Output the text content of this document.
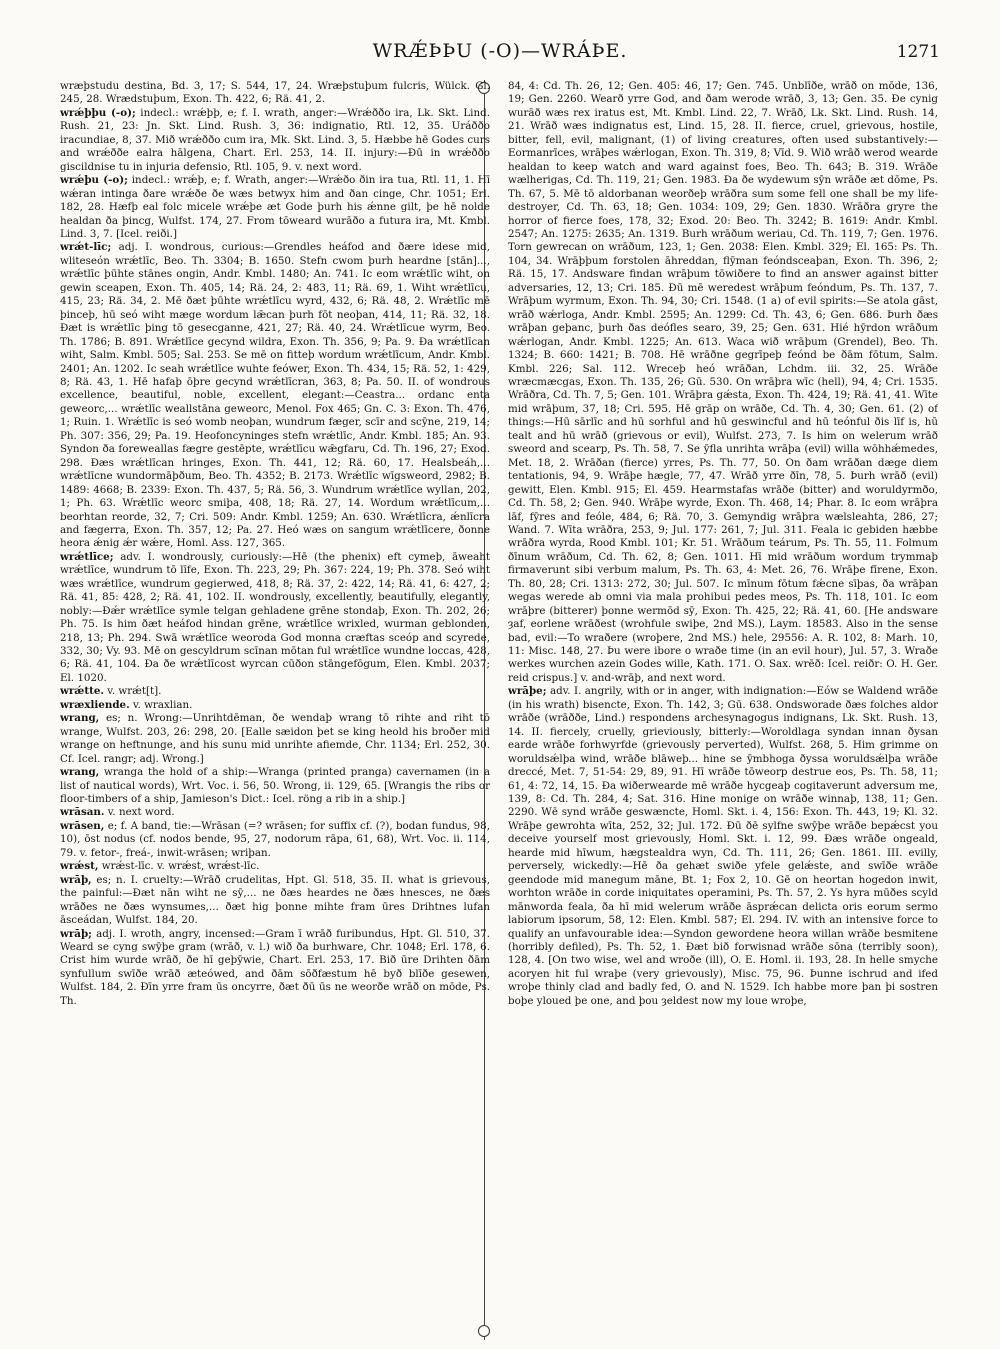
WRǼÞÞU (-O)—WRÁÞE.	1271

wræþstudu destina, Bd. 3, 17; S. 544, 17, 24. Wræþstuþum fulcris, Wülck. Gl. 245, 28. Wrædstuþum, Exon. Th. 422, 6; Rä. 41, 2.

wrǽþþu (-o); indecl.: wrǽþþ, e; f. I. wrath, anger:—Wrǽððo ira, Lk. Skt. Lind. Rush. 21, 23: Jn. Skt. Lind. Rush. 3, 36: indignatio, Rtl. 12, 35. Uráððo iracundiae, 8, 37. Mið wrǽððo cum ira, Mk. Skt. Lind. 3, 5. Hæbbe hē Godes curs and wrǽððe ealra hālgena, Chart. Erl. 253, 14. II. injury:—Ðū in wrǽððo giscildnise tu in injuria defensio, Rtl. 105, 9. v. next word.

wrǽþu (-o); indecl.: wrǽþ, e; f. Wrath, anger:—Wrǽðo ðin ira tua, Rtl. 11, 1. Hī wǽran intinga ðare wrǽðe ðe wæs betwyx him and ðan cinge, Chr. 1051; Erl. 182, 28. Hæfþ eal folc micele wrǽþe æt Gode þurh his ǽnne gilt, þe hē nolde healdan ða þincg, Wulfst. 174, 27. From tōweard wurāðo a futura ira, Mt. Kmbl. Lind. 3, 7. [Icel. reiði.]

wrǽt-līc; adj. I. wondrous, curious:—Grendles heáfod and ðære idese mid, wliteseón wrǽtlīc, Beo. Th. 3304; B. 1650. Stefn cwom þurh heardne [stān]..., wrǽtlīc þūhte stānes ongin, Andr. Kmbl. 1480; An. 741. Ic eom wrǽtlīc wiht, on gewin sceapen, Exon. Th. 405, 14; Rä. 24, 2: 483, 11; Rä. 69, 1. Wiht wrǽtlīcu, 415, 23; Rä. 34, 2. Mē ðæt þūhte wrǽtlīcu wyrd, 432, 6; Rä. 48, 2. Wrǽtlīc mē þinceþ, hū seó wiht mæge wordum lǣcan þurh fōt neoþan, 414, 11; Rä. 32, 18. Ðæt is wrǽtlīc þing tō gesecganne, 421, 27; Rä. 40, 24. Wrǽtlīcue wyrm, Beo. Th. 1786; B. 891. Wrǽtlīce gecynd wildra, Exon. Th. 356, 9; Pa. 9. Ða wrǽtlīcan wiht, Salm. Kmbl. 505; Sal. 253. Se mē on fitteþ wordum wrǽtlīcum, Andr. Kmbl. 2401; An. 1202. Ic seah wrǽtlīce wuhte feówer, Exon. Th. 434, 15; Rä. 52, 1: 429, 8; Rä. 43, 1. Hē hafaþ ōþre gecynd wrǽtlīcran, 363, 8; Pa. 50. II. of wondrous excellence, beautiful, noble, excellent, elegant:—Ceastra... ordanc enta geweorc,... wrǽtlīc weallstāna geweorc, Menol. Fox 465; Gn. C. 3: Exon. Th. 476, 1; Ruin. 1. Wrǽtlīc is seó womb neoþan, wundrum fæger, scīr and scȳne, 219, 14; Ph. 307: 356, 29; Pa. 19. Heofoncyninges stefn wrǽtlīc, Andr. Kmbl. 185; An. 93. Syndon ða foreweallas fægre gestēpte, wrǽtlīcu wǣgfaru, Cd. Th. 196, 27; Exod. 298. Ðæs wrǽtlīcan hringes, Exon. Th. 441, 12; Rä. 60, 17. Healsbeáh,... wrǽtlīcne wundormāþðum, Beo. Th. 4352; B. 2173. Wrǽtlīc wīgsweord, 2982; B. 1489: 4668; B. 2339: Exon. Th. 437, 5; Rä. 56, 3. Wundrum wrǽtlīce wyllan, 202, 1; Ph. 63. Wrǽtlīc weorc smiþa, 408, 18; Rä. 27, 14. Wordum wrǽtlīcum,... beorhtan reorde, 32, 7; Cri. 509: Andr. Kmbl. 1259; An. 630. Wrǽtlīcra, ǽnlīcra and fægerra, Exon. Th. 357, 12; Pa. 27. Heó wæs on sangum wrǽtlīcere, ðonne heora ǽnig ǽr wǽre, Homl. Ass. 127, 365.

wrǽtlīce; adv. I. wondrously, curiously:—Hē (the phenix) eft cymeþ, āweaht wrǽtlīce, wundrum tō līfe, Exon. Th. 223, 29; Ph. 367: 224, 19; Ph. 378. Seó wiht wæs wrǽtlīce, wundrum gegierwed, 418, 8; Rä. 37, 2: 422, 14; Rä. 41, 6: 427, 2; Rä. 41, 85: 428, 2; Rä. 41, 102. II. wondrously, excellently, beautifully, elegantly, nobly:—Ðǽr wrǽtlīce symle telgan gehladene grēne stondaþ, Exon. Th. 202, 26; Ph. 75. Is him ðæt heáfod hindan grēne, wrǽtlīce wrixled, wurman geblonden, 218, 13; Ph. 294. Swā wrǽtlīce weoroda God monna cræftas sceóp and scyrede, 332, 30; Vy. 93. Mē on gescyldrum scīnan mōtan ful wrǽtlīce wundne loccas, 428, 6; Rä. 41, 104. Ða ðe wrǽtlīcost wyrcan cūðon stāngefōgum, Elen. Kmbl. 2037; El. 1020.

wrǽtte. v. wrǽt[t].

wræxliende. v. wraxlian.

wrang, es; n. Wrong:—Unrihtdēman, ðe wendaþ wrang tō rihte and riht tō wrange, Wulfst. 203, 26: 298, 20. [Ealle sæidon þet se king heold his broðer mid wrange on heftnunge, and his sunu mid unrihte afiemde, Chr. 1134; Erl. 252, 30. Cf. Icel. rangr; adj. Wrong.]

wrang, wranga the hold of a ship:—Wranga (printed pranga) cavernamen (in a list of nautical words), Wrt. Voc. i. 56, 50. Wrong, ii. 129, 65. [Wrangis the ribs or floor-timbers of a ship, Jamieson's Dict.: Icel. röng a rib in a ship.]

wrāsan. v. next word.

wrāsen, e; f. A band, tie:—Wrāsan (=? wrāsen; for suffix cf. (?), bodan fundus, 98, 10), ōst nodus (cf. nodos bende, 95, 27, nodorum rāpa, 61, 68), Wrt. Voc. ii. 114, 79. v. fetor-, freá-, inwit-wrāsen; wriþan.

wrǽst, wrǽst-līc. v. wrǽst, wrǽst-līc.

wrāþ, es; n. I. cruelty:—Wrāð crudelitas, Hpt. Gl. 518, 35. II. what is grievous, the painful:—Ðæt nān wiht ne sȳ,... ne ðæs heardes ne ðæs hnesces, ne ðæs wrāðes ne ðæs wynsumes,... ðæt hig þonne mihte fram ūres Drihtnes lufan āsceádan, Wulfst. 184, 20.

wrāþ; adj. I. wroth, angry, incensed:—Gram ī wrāð furibundus, Hpt. Gl. 510, 37. Weard se cyng swȳþe gram (wrāð, v. l.) wið ða burhware, Chr. 1048; Erl. 178, 6. Crist him wurde wrāð, ðe hī geþȳwie, Chart. Erl. 253, 17. Bið ūre Drihten ðām synfullum swīðe wrāð æteówed, and ðām sōðfæstum hē byð blīðe gesewen, Wulfst. 184, 2. Ðīn yrre fram ūs oncyrre, ðæt ðū ūs ne weorðe wrāð on mōde, Ps. Th.

84, 4: Cd. Th. 26, 12; Gen. 405: 46, 17; Gen. 745. Unblīðe, wrāð on mōde, 136, 19; Gen. 2260. Wearð yrre God, and ðam werode wrāð, 3, 13; Gen. 35. Ðe cynig wurāð wæs rex iratus est, Mt. Kmbl. Lind. 22, 7. Wrāð, Lk. Skt. Lind. Rush. 14, 21. Wrāð wæs indignatus est, Lind. 15, 28. II. fierce, cruel, grievous, hostile, bitter, fell, evil, malignant, (1) of living creatures, often used substantively:—Eormanrīces, wrāþes wǽrlogan, Exon. Th. 319, 8; Vīd. 9. Wið wrāð werod wearde healdan to keep watch and ward against foes, Beo. Th. 643; B. 319. Wrāðe wælherigas, Cd. Th. 119, 21; Gen. 1983. Ða ðe wydewum sȳn wrāðe æt dōme, Ps. Th. 67, 5. Mē tō aldorbanan weorðeþ wrāðra sum some fell one shall be my life-destroyer, Cd. Th. 63, 18; Gen. 1034: 109, 29; Gen. 1830. Wrāðra gryre the horror of fierce foes, 178, 32; Exod. 20: Beo. Th. 3242; B. 1619: Andr. Kmbl. 2547; An. 1275: 2635; An. 1319. Burh wrāðum weriau, Cd. Th. 119, 7; Gen. 1976. Torn gewrecan on wrāðum, 123, 1; Gen. 2038: Elen. Kmbl. 329; El. 165: Ps. Th. 104, 34. Wrāþþum forstolen āhreddan, flȳman feóndsceaþan, Exon. Th. 396, 2; Rä. 15, 17. Andsware findan wrāþum tōwiðere to find an answer against bitter adversaries, 12, 13; Cri. 185. Ðū mē weredest wrāþum feóndum, Ps. Th. 137, 7. Wrāþum wyrmum, Exon. Th. 94, 30; Cri. 1548. (1 a) of evil spirits:—Se atola gāst, wrāð wǽrloga, Andr. Kmbl. 2595; An. 1299: Cd. Th. 43, 6; Gen. 686. Þurh ðæs wrāþan geþanc, þurh ðas deófles searo, 39, 25; Gen. 631. Hié hȳrdon wrāðum wǽrlogan, Andr. Kmbl. 1225; An. 613. Waca wið wrāþum (Grendel), Beo. Th. 1324; B. 660: 1421; B. 708. Hē wrāðne gegrīpeþ feónd be ðām fōtum, Salm. Kmbl. 226; Sal. 112. Wreceþ heó wrāðan, Lchdm. iii. 32, 25. Wrāðe wræcmæcgas, Exon. Th. 135, 26; Gū. 530. On wrāþra wīc (hell), 94, 4; Cri. 1535. Wrāðra, Cd. Th. 7, 5; Gen. 101. Wrāþra gǽsta, Exon. Th. 424, 19; Rä. 41, 41. Wīte mid wrāþum, 37, 18; Cri. 595. Hē grāp on wrāðe, Cd. Th. 4, 30; Gen. 61. (2) of things:—Hū sārlīc and hū sorhful and hū geswincful and hū teónful ðis līf is, hū tealt and hū wrāð (grievous or evil), Wulfst. 273, 7. Is him on welerum wrāð sweord and scearp, Ps. Th. 58, 7. Se ȳfla unrihta wrāþa (evil) willa wōhhǽmedes, Met. 18, 2. Wrāðan (fierce) yrres, Ps. Th. 77, 50. On ðam wrāðan dæge diem tentationis, 94, 9. Wrāþe hægle, 77, 47. Wrāð yrre ðīn, 78, 5. Þurh wrāð (evil) gewitt, Elen. Kmbl. 915; El. 459. Hearmstafas wrāðe (bitter) and woruldyrmðo, Cd. Th. 58, 2; Gen. 940. Wrāþe wyrde, Exon. Th. 468, 14; Phar. 8. Ic eom wrāþra lāf, fȳres and feóle, 484, 6; Rä. 70, 3. Gemyndig wrāþra wælsleahta, 286, 27; Wand. 7. Wīta wrāðra, 253, 9; Jul. 177: 261, 7; Jul. 311. Feala ic gebiden hæbbe wrāðra wyrda, Rood Kmbl. 101; Kr. 51. Wrāðum teárum, Ps. Th. 55, 11. Folmum ðīnum wrāðum, Cd. Th. 62, 8; Gen. 1011. Hī mid wrāðum wordum trymmaþ firmaverunt sibi verbum malum, Ps. Th. 63, 4: Met. 26, 76. Wrāþe fīrene, Exon. Th. 80, 28; Cri. 1313: 272, 30; Jul. 507. Ic mīnum fōtum fǽcne sīþas, ða wrāþan wegas werede ab omni via mala prohibui pedes meos, Ps. Th. 118, 101. Ic eom wrāþre (bitterer) þonne wermōd sȳ, Exon. Th. 425, 22; Rä. 41, 60. [He andsware ȝaf, eorlene wrāðest (wrohfule swiþe, 2nd MS.), Laym. 18583. Also in the sense bad, evil:—To wraðere (wroþere, 2nd MS.) hele, 29556: A. R. 102, 8: Marh. 10, 11: Misc. 148, 27. Þu were ibore o wraðe time (in an evil hour), Jul. 57, 3. Wraðe werkes wurchen azein Godes wille, Kath. 171. O. Sax. wrēð: Icel. reiðr: O. H. Ger. reid crispus.] v. and-wrāþ, and next word.

wrāþe; adv. I. angrily, with or in anger, with indignation:—Eów se Waldend wrāðe (in his wrath) bisencte, Exon. Th. 142, 3; Gū. 638. Ondsworade ðæs folches aldor wrāðe (wrāððe, Lind.) respondens archesynagogus indignans, Lk. Skt. Rush. 13, 14. II. fiercely, cruelly, grieviously, bitterly:—Woroldlaga syndan innan ðysan earde wrāðe forhwyrfde (grievously perverted), Wulfst. 268, 5. Him grimme on woruldsǽlþa wind, wrāðe blāweþ... hine se ȳmbhoga ðyssa woruldsǽlþa wrāðe dreccé, Met. 7, 51-54: 29, 89, 91. Hī wrāðe tōweorp destrue eos, Ps. Th. 58, 11; 61, 4: 72, 14, 15. Ða wiðerwearde mē wrāðe hycgeaþ cogitaverunt adversum me, 139, 8: Cd. Th. 284, 4; Sat. 316. Hine monige on wrāðe winnaþ, 138, 11; Gen. 2290. Wē synd wrāðe geswæncte, Homl. Skt. i. 4, 156: Exon. Th. 443, 19; Kl. 32. Wrāþe gewrohta wīta, 252, 32; Jul. 172. Ðū ðē sylfne swȳþe wrāðe bepǽcst you deceive yourself most grievously, Homl. Skt. i. 12, 99. Ðæs wrāðe ongeald, hearde mid hīwum, hægstealdra wyn, Cd. Th. 111, 26; Gen. 1861. III. evilly, perversely, wickedly:—Hē ða gehæt swiðe yfele gelǽste, and swīðe wrāðe geendode mid manegum māne, Bt. 1; Fox 2, 10. Gē on heortan hogedon inwit, worhton wrāðe in corde iniquitates operamini, Ps. Th. 57, 2. Ys hyra mūðes scyld mānworda feala, ða hī mid welerum wrāðe āsprǽcan delicta oris eorum sermo labiorum ipsorum, 58, 12: Elen. Kmbl. 587; El. 294. IV. with an intensive force to qualify an unfavourable idea:—Syndon gewordene heora willan wrāðe besmitene (horribly defiled), Ps. Th. 52, 1. Ðæt bið forwisnad wrāðe sōna (terribly soon), 128, 4. [On two wise, wel and wroðe (ill), O. E. Homl. ii. 193, 28. In helle smyche acoryen hit ful wraþe (very grievously), Misc. 75, 96. Þunne ischrud and ifed wroþe thinly clad and badly fed, O. and N. 1529. Ich habbe more þan þi sostren boþe yloued þe one, and þou ȝeldest now my loue wroþe,
